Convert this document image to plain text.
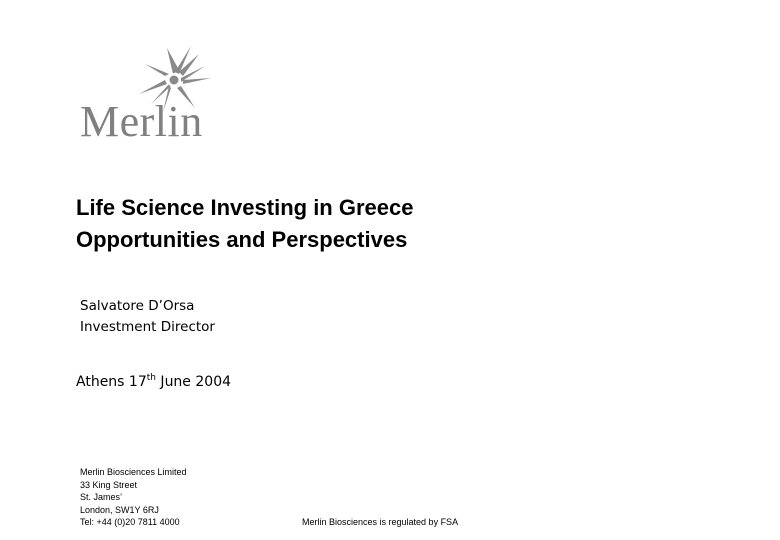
Merlin
Life Science Investing in Greece
Opportunities and Perspectives
Salvatore D’Orsa
Investment Director
Athens 17th June 2004
Merlin Biosciences Limited
33 King Street
St. James’
London, SW1Y 6RJ
Tel: +44 (0)20 7811 4000	Merlin Biosciences is regulated by FSA
